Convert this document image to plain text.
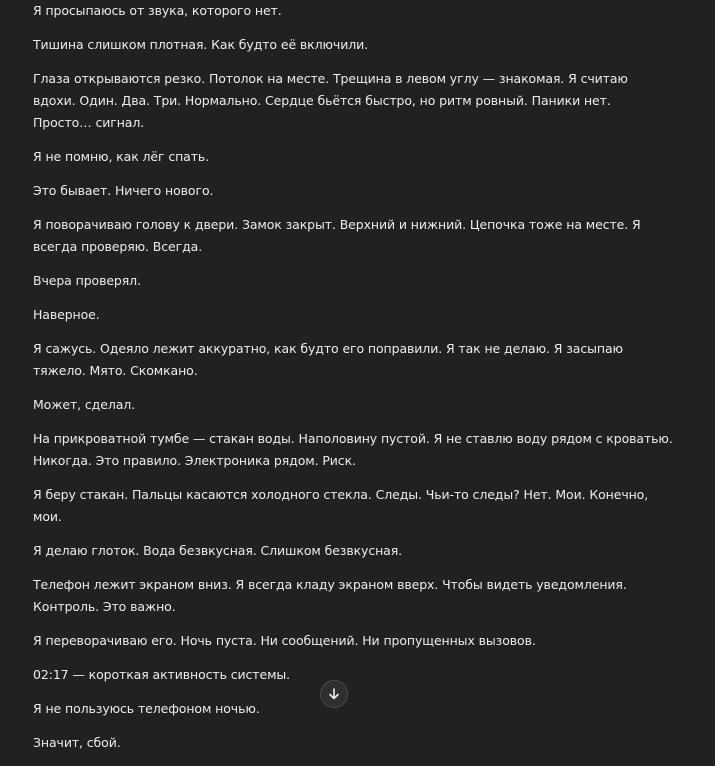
Я просыпаюсь от звука, которого нет.

Тишина слишком плотная. Как будто её включили.

Глаза открываются резко. Потолок на месте. Трещина в левом углу — знакомая. Я считаю вдохи. Один. Два. Три. Нормально. Сердце бьётся быстро, но ритм ровный. Паники нет. Просто… сигнал.

Я не помню, как лёг спать.

Это бывает. Ничего нового.

Я поворачиваю голову к двери. Замок закрыт. Верхний и нижний. Цепочка тоже на месте. Я всегда проверяю. Всегда.

Вчера проверял.

Наверное.

Я сажусь. Одеяло лежит аккуратно, как будто его поправили. Я так не делаю. Я засыпаю тяжело. Мято. Скомкано.

Может, сделал.

На прикроватной тумбе — стакан воды. Наполовину пустой. Я не ставлю воду рядом с кроватью. Никогда. Это правило. Электроника рядом. Риск.

Я беру стакан. Пальцы касаются холодного стекла. Следы. Чьи-то следы? Нет. Мои. Конечно, мои.

Я делаю глоток. Вода безвкусная. Слишком безвкусная.

Телефон лежит экраном вниз. Я всегда кладу экраном вверх. Чтобы видеть уведомления. Контроль. Это важно.

Я переворачиваю его. Ночь пуста. Ни сообщений. Ни пропущенных вызовов.

02:17 — короткая активность системы.

Я не пользуюсь телефоном ночью.

Значит, сбой.
